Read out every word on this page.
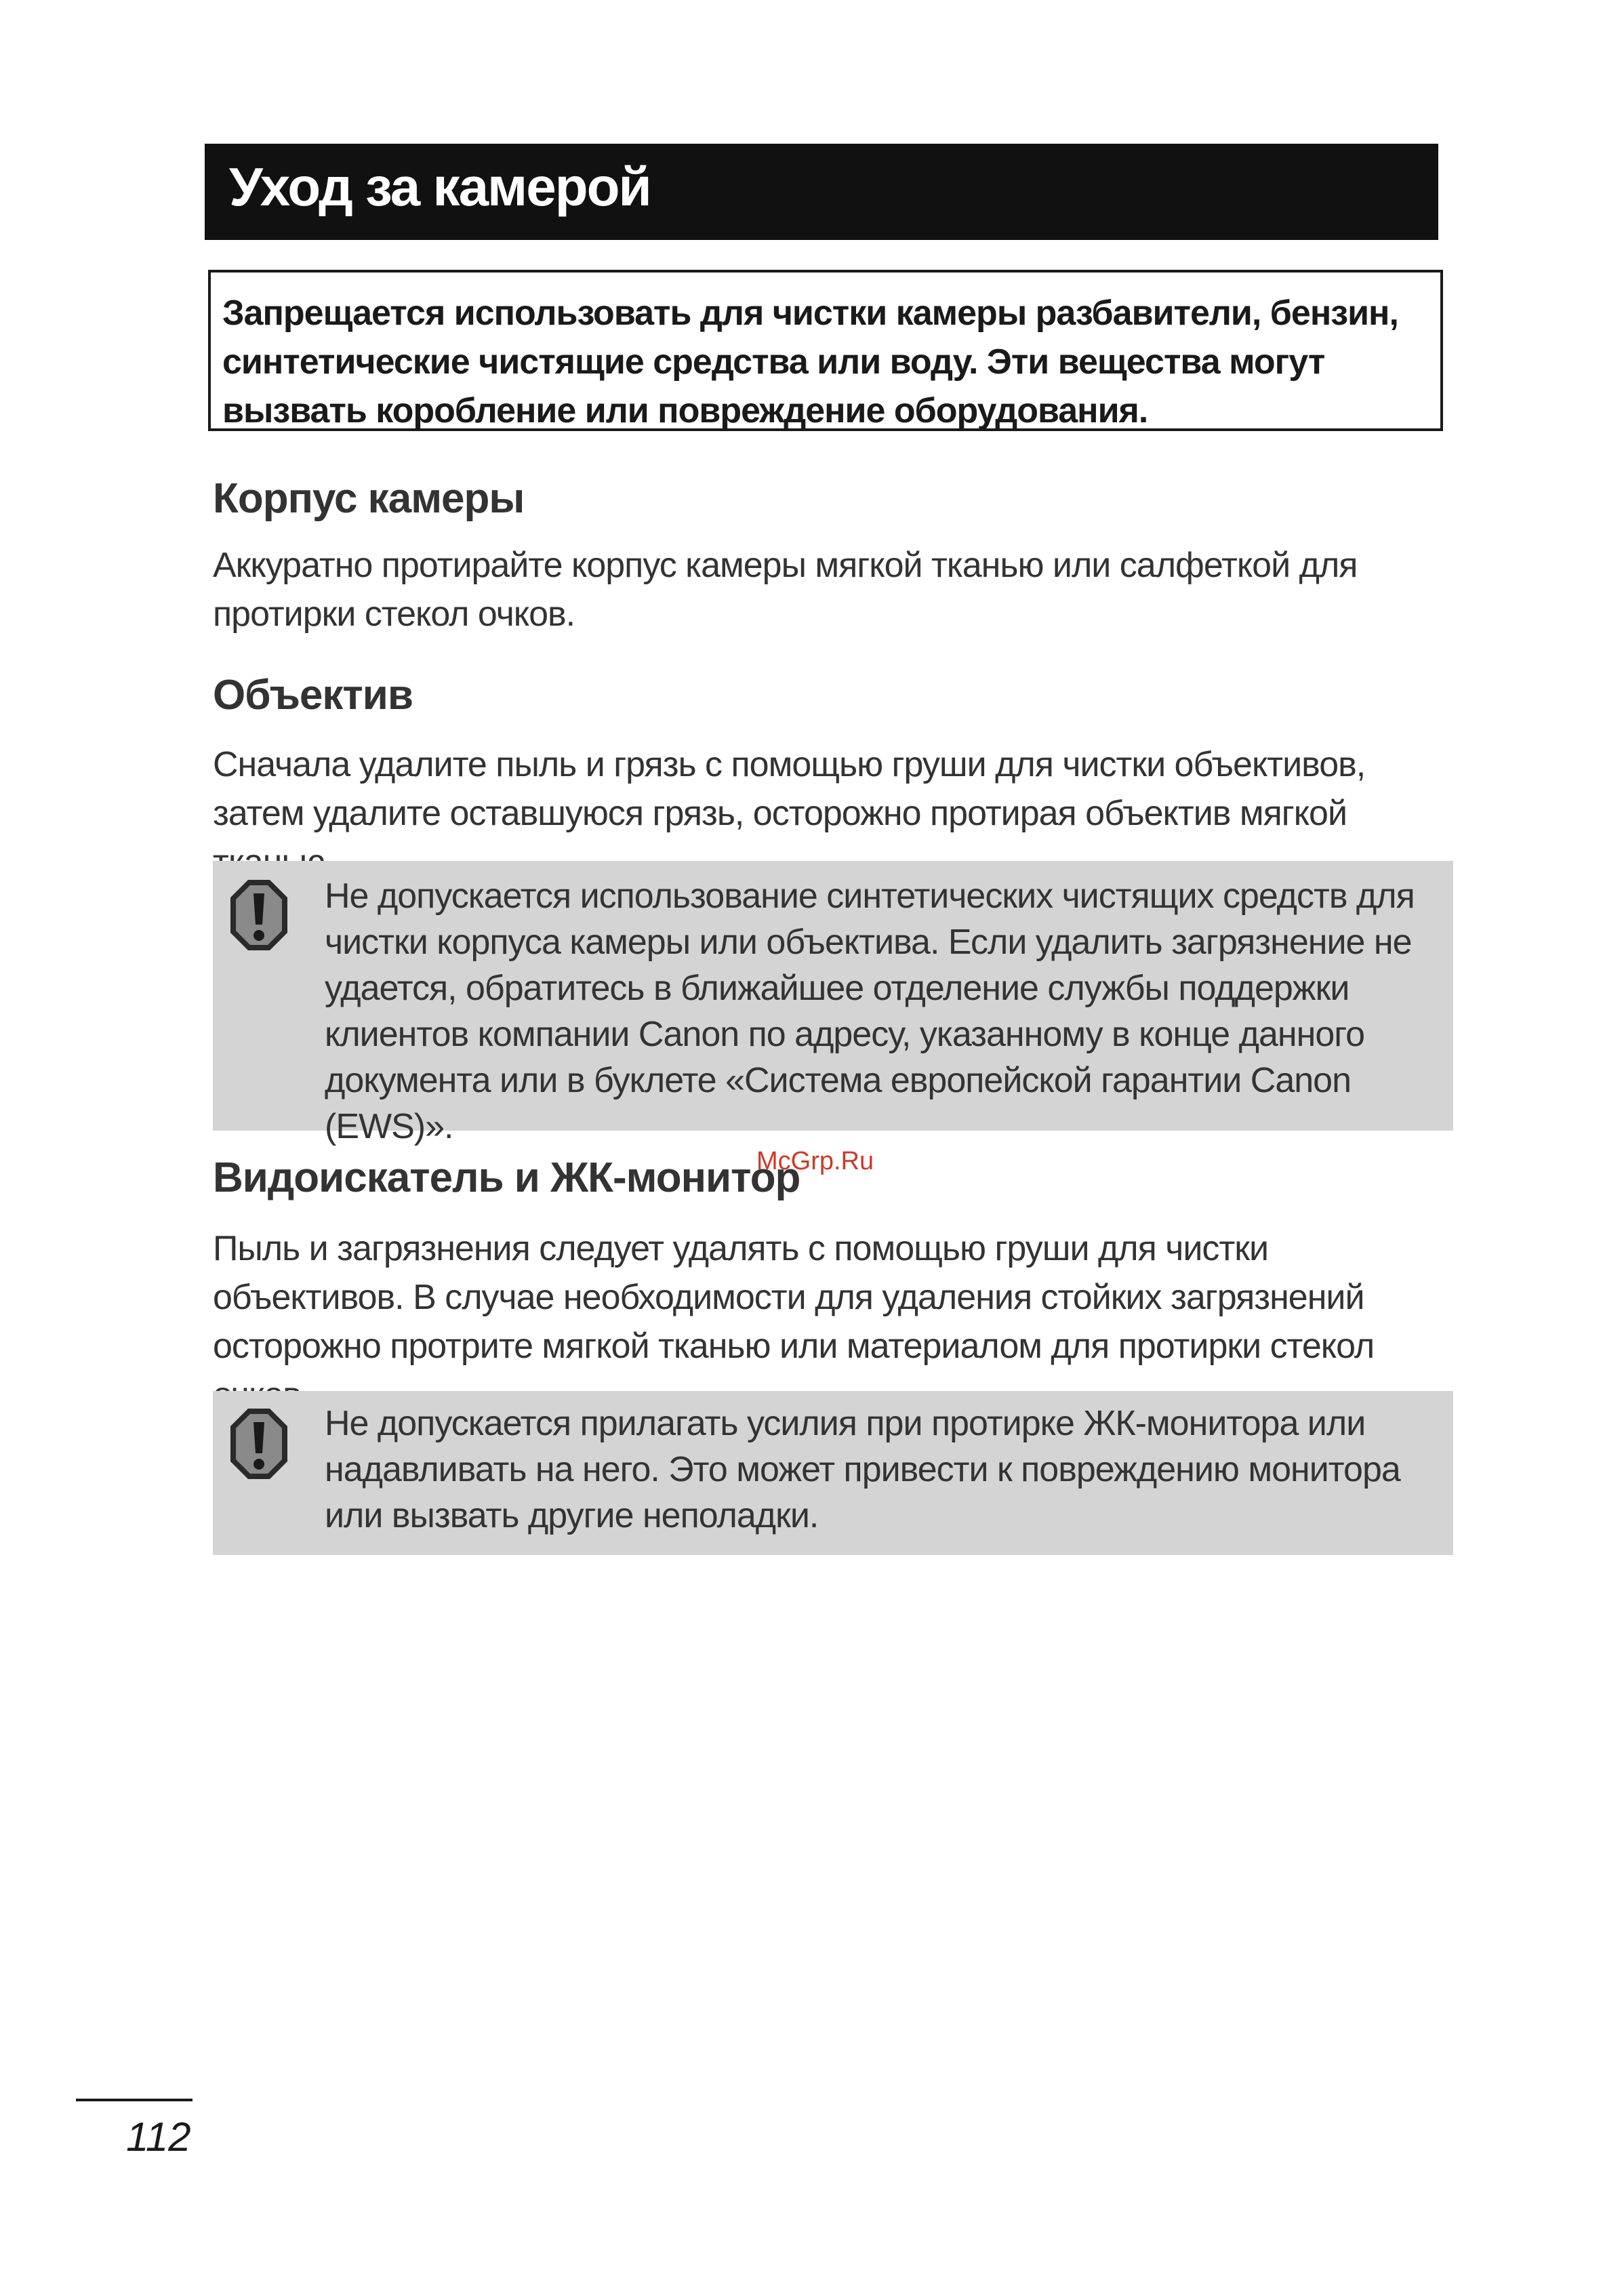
Уход за камерой
Запрещается использовать для чистки камеры разбавители, бензин, синтетические чистящие средства или воду. Эти вещества могут вызвать коробление или повреждение оборудования.
Корпус камеры

Аккуратно протирайте корпус камеры мягкой тканью или салфеткой для протирки стекол очков.

Объектив

Сначала удалите пыль и грязь с помощью груши для чистки объективов, затем удалите оставшуюся грязь, осторожно протирая объектив мягкой

Не допускается использование синтетических чистящих средств для чистки корпуса камеры или объектива. Если удалить загрязнение не удается, обратитесь в ближайшее отделение службы поддержки клиентов компании Canon по адресу, указанному в конце данного документа или в буклете «Система европейской гарантии Canon (EWS)».

McGrp.Ru
Видоискатель и ЖК-монитор

Пыль и загрязнения следует удалять с помощью груши для чистки объективов. В случае необходимости для удаления стойких загрязнений осторожно протрите мягкой тканью или материалом для протирки стекол

Не допускается прилагать усилия при протирке ЖК-монитора или надавливать на него. Это может привести к повреждению монитора или вызвать другие неполадки.

112
